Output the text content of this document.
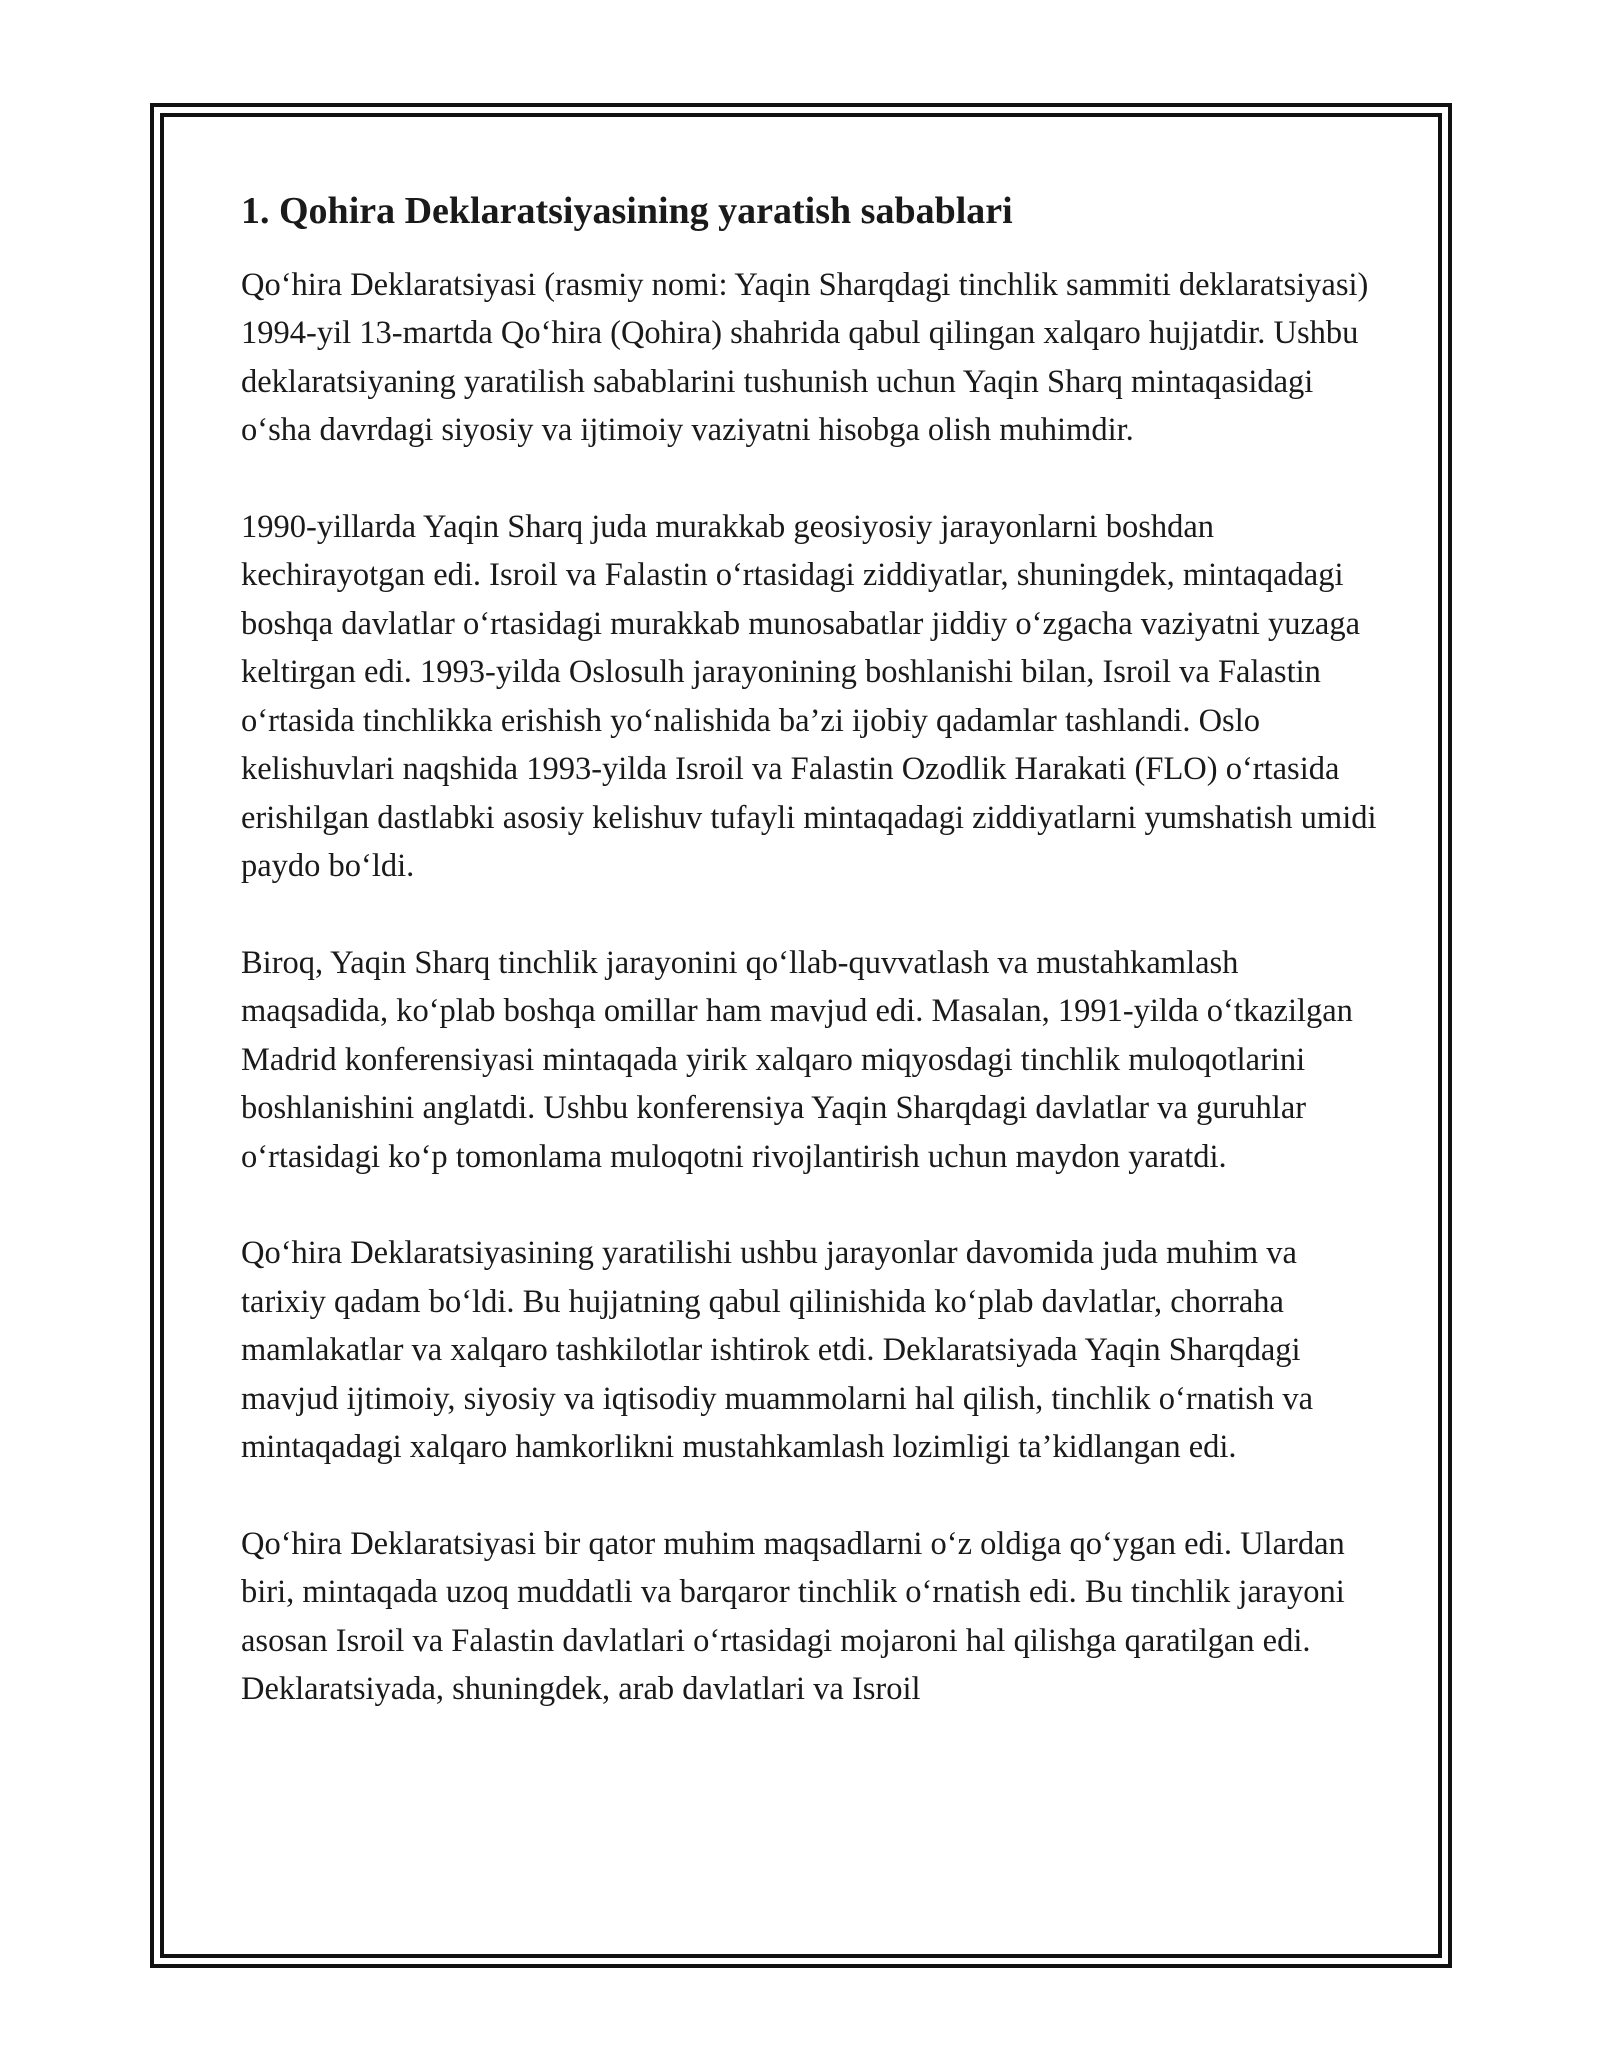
1. Qohira Deklaratsiyasining yaratish sabablari

Qo‘hira Deklaratsiyasi (rasmiy nomi: Yaqin Sharqdagi tinchlik sammiti deklaratsiyasi) 1994-yil 13-martda Qo‘hira (Qohira) shahrida qabul qilingan xalqaro hujjatdir. Ushbu deklaratsiyaning yaratilish sabablarini tushunish uchun Yaqin Sharq mintaqasidagi o‘sha davrdagi siyosiy va ijtimoiy vaziyatni hisobga olish muhimdir.

1990-yillarda Yaqin Sharq juda murakkab geosiyosiy jarayonlarni boshdan kechirayotgan edi. Isroil va Falastin o‘rtasidagi ziddiyatlar, shuningdek, mintaqadagi boshqa davlatlar o‘rtasidagi murakkab munosabatlar jiddiy o‘zgacha vaziyatni yuzaga keltirgan edi. 1993-yilda Oslosulh jarayonining boshlanishi bilan, Isroil va Falastin o‘rtasida tinchlikka erishish yo‘nalishida ba’zi ijobiy qadamlar tashlandi. Oslo kelishuvlari naqshida 1993-yilda Isroil va Falastin Ozodlik Harakati (FLO) o‘rtasida erishilgan dastlabki asosiy kelishuv tufayli mintaqadagi ziddiyatlarni yumshatish umidi paydo bo‘ldi.

Biroq, Yaqin Sharq tinchlik jarayonini qo‘llab-quvvatlash va mustahkamlash maqsadida, ko‘plab boshqa omillar ham mavjud edi. Masalan, 1991-yilda o‘tkazilgan Madrid konferensiyasi mintaqada yirik xalqaro miqyosdagi tinchlik muloqotlarini boshlanishini anglatdi. Ushbu konferensiya Yaqin Sharqdagi davlatlar va guruhlar o‘rtasidagi ko‘p tomonlama muloqotni rivojlantirish uchun maydon yaratdi.

Qo‘hira Deklaratsiyasining yaratilishi ushbu jarayonlar davomida juda muhim va tarixiy qadam bo‘ldi. Bu hujjatning qabul qilinishida ko‘plab davlatlar, chorraha mamlakatlar va xalqaro tashkilotlar ishtirok etdi. Deklaratsiyada Yaqin Sharqdagi mavjud ijtimoiy, siyosiy va iqtisodiy muammolarni hal qilish, tinchlik o‘rnatish va mintaqadagi xalqaro hamkorlikni mustahkamlash lozimligi ta’kidlangan edi.

Qo‘hira Deklaratsiyasi bir qator muhim maqsadlarni o‘z oldiga qo‘ygan edi. Ulardan biri, mintaqada uzoq muddatli va barqaror tinchlik o‘rnatish edi. Bu tinchlik jarayoni asosan Isroil va Falastin davlatlari o‘rtasidagi mojaroni hal qilishga qaratilgan edi. Deklaratsiyada, shuningdek, arab davlatlari va Isroil
